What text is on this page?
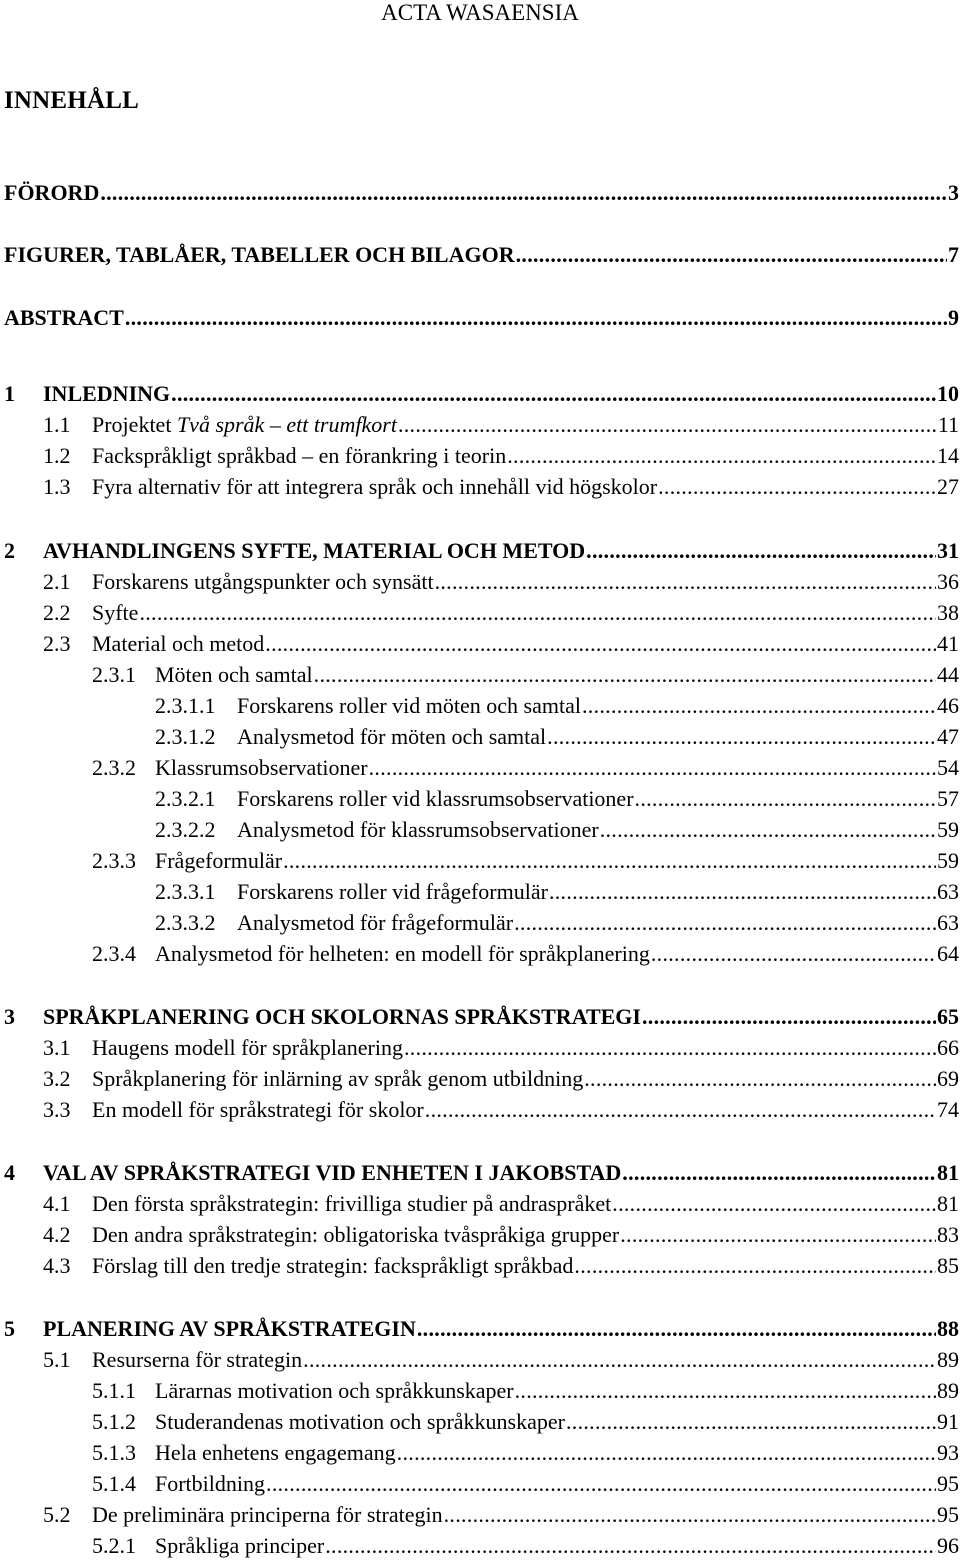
ACTA WASAENSIA
INNEHÅLL
FÖRORD .....	3
FIGURER, TABLÅER, TABELLER OCH BILAGOR .....	7
ABSTRACT .....	9
1	INLEDNING .....	10
1.1 Projektet Två språk – ett trumfkort .....	11
1.2 Fackspråkligt språkbad – en förankring i teorin .....	14
1.3 Fyra alternativ för att integrera språk och innehåll vid högskolor .....	27
2	AVHANDLINGENS SYFTE, MATERIAL OCH METOD .....	31
2.1 Forskarens utgångspunkter och synsätt .....	36
2.2 Syfte .....	38
2.3 Material och metod .....	41
2.3.1 Möten och samtal .....	44
2.3.1.1 Forskarens roller vid möten och samtal .....	46
2.3.1.2 Analysmetod för möten och samtal .....	47
2.3.2 Klassrumsobservationer .....	54
2.3.2.1 Forskarens roller vid klassrumsobservationer .....	57
2.3.2.2 Analysmetod för klassrumsobservationer .....	59
2.3.3 Frågeformulär .....	59
2.3.3.1 Forskarens roller vid frågeformulär .....	63
2.3.3.2 Analysmetod för frågeformulär .....	63
2.3.4 Analysmetod för helheten: en modell för språkplanering .....	64
3	SPRÅKPLANERING OCH SKOLORNAS SPRÅKSTRATEGI .....	65
3.1 Haugens modell för språkplanering .....	66
3.2 Språkplanering för inlärning av språk genom utbildning .....	69
3.3 En modell för språkstrategi för skolor .....	74
4	VAL AV SPRÅKSTRATEGI VID ENHETEN I JAKOBSTAD .....	81
4.1 Den första språkstrategin: frivilliga studier på andraspråket .....	81
4.2 Den andra språkstrategin: obligatoriska tvåspråkiga grupper .....	83
4.3 Förslag till den tredje strategin: fackspråkligt språkbad .....	85
5	PLANERING AV SPRÅKSTRATEGIN .....	88
5.1 Resurserna för strategin .....	89
5.1.1 Lärarnas motivation och språkkunskaper .....	89
5.1.2 Studerandenas motivation och språkkunskaper .....	91
5.1.3 Hela enhetens engagemang .....	93
5.1.4 Fortbildning .....	95
5.2 De preliminära principerna för strategin .....	95
5.2.1 Språkliga principer .....	96
